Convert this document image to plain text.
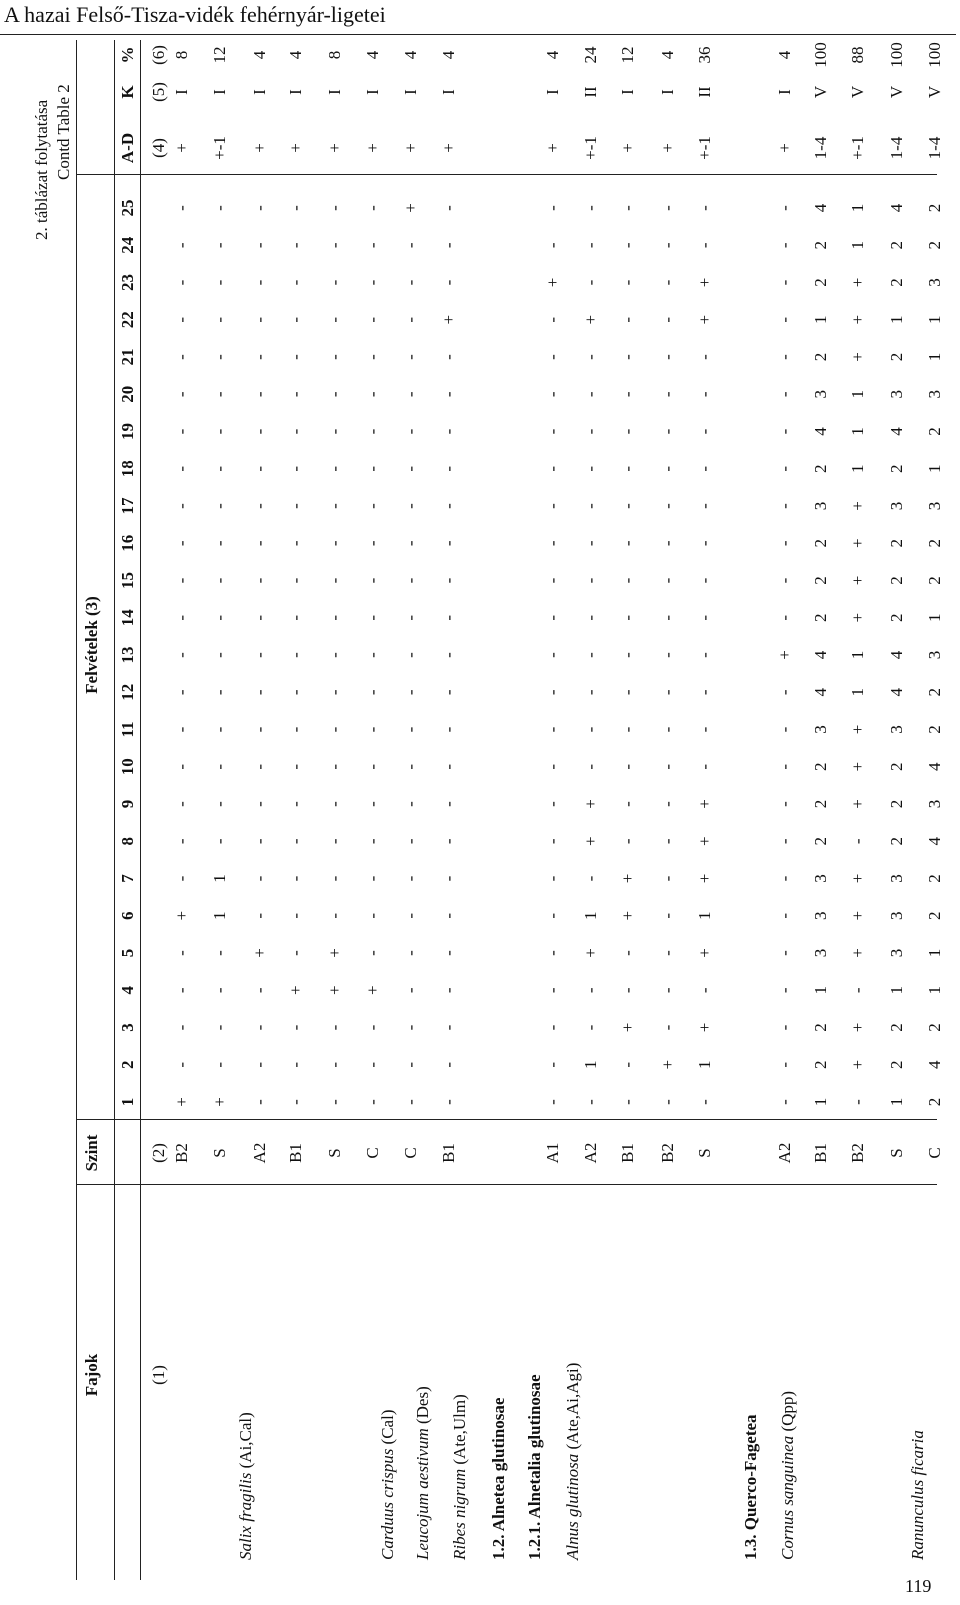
A hazai Felső-Tisza-vidék fehérnyár-ligetei
119
2. táblázat folytatása Contd Table 2
Fajok
Szint
Felvételek (3)
A-D
K
%
(1)
(2)
(4)
(5)
(6)
1
2
3
4
5
6
7
8
9
10
11
12
13
14
15
16
17
18
19
20
21
22
23
24
25
B2
+
-
-
-
-
+
-
-
-
-
-
-
-
-
-
-
-
-
-
-
-
-
-
-
-
+
I
8
S
+
-
-
-
-
1
1
-
-
-
-
-
-
-
-
-
-
-
-
-
-
-
-
-
-
+-1
I
12
A2
-
-
-
-
+
-
-
-
-
-
-
-
-
-
-
-
-
-
-
-
-
-
-
-
-
+
I
4
B1
-
-
-
+
-
-
-
-
-
-
-
-
-
-
-
-
-
-
-
-
-
-
-
-
-
+
I
4
S
-
-
-
+
+
-
-
-
-
-
-
-
-
-
-
-
-
-
-
-
-
-
-
-
-
+
I
8
C
-
-
-
+
-
-
-
-
-
-
-
-
-
-
-
-
-
-
-
-
-
-
-
-
-
+
I
4
C
-
-
-
-
-
-
-
-
-
-
-
-
-
-
-
-
-
-
-
-
-
-
-
-
+
+
I
4
B1
-
-
-
-
-
-
-
-
-
-
-
-
-
-
-
-
-
-
-
-
-
+
-
-
-
+
I
4
A1
-
-
-
-
-
-
-
-
-
-
-
-
-
-
-
-
-
-
-
-
-
-
+
-
-
+
I
4
A2
-
1
-
-
+
1
-
+
+
-
-
-
-
-
-
-
-
-
-
-
-
+
-
-
-
+-1
II
24
B1
-
-
+
-
-
+
+
-
-
-
-
-
-
-
-
-
-
-
-
-
-
-
-
-
-
+
I
12
B2
-
+
-
-
-
-
-
-
-
-
-
-
-
-
-
-
-
-
-
-
-
-
-
-
-
+
I
4
S
-
1
+
-
+
1
+
+
+
-
-
-
-
-
-
-
-
-
-
-
-
+
+
-
-
+-1
II
36
A2
-
-
-
-
-
-
-
-
-
-
-
-
+
-
-
-
-
-
-
-
-
-
-
-
-
+
I
4
B1
1
2
2
1
3
3
3
2
2
2
3
4
4
2
2
2
3
2
4
3
2
1
2
2
4
1-4
V
100
B2
-
+
+
-
+
+
+
-
+
+
+
1
1
+
+
+
+
1
1
1
+
+
+
1
1
+-1
V
88
S
1
2
2
1
3
3
3
2
2
2
3
4
4
2
2
2
3
2
4
3
2
1
2
2
4
1-4
V
100
C
2
4
2
1
1
2
2
4
3
4
2
2
3
1
2
2
3
1
2
3
1
1
3
2
2
1-4
V
100
Salix fragilis (Ai,Cal)
Carduus crispus (Cal) Leucojum aestivum (Des)
Ribes nigrum (Ate,Ulm) 1.2. Alnetea glutinosae 1.2.1. Alnetalia glutinosae Alnus glutinosa (Ate,Ai,Agi)
1.3. Querco-Fagetea Cornus sanguinea (Qpp)
Ranunculus ficaria
